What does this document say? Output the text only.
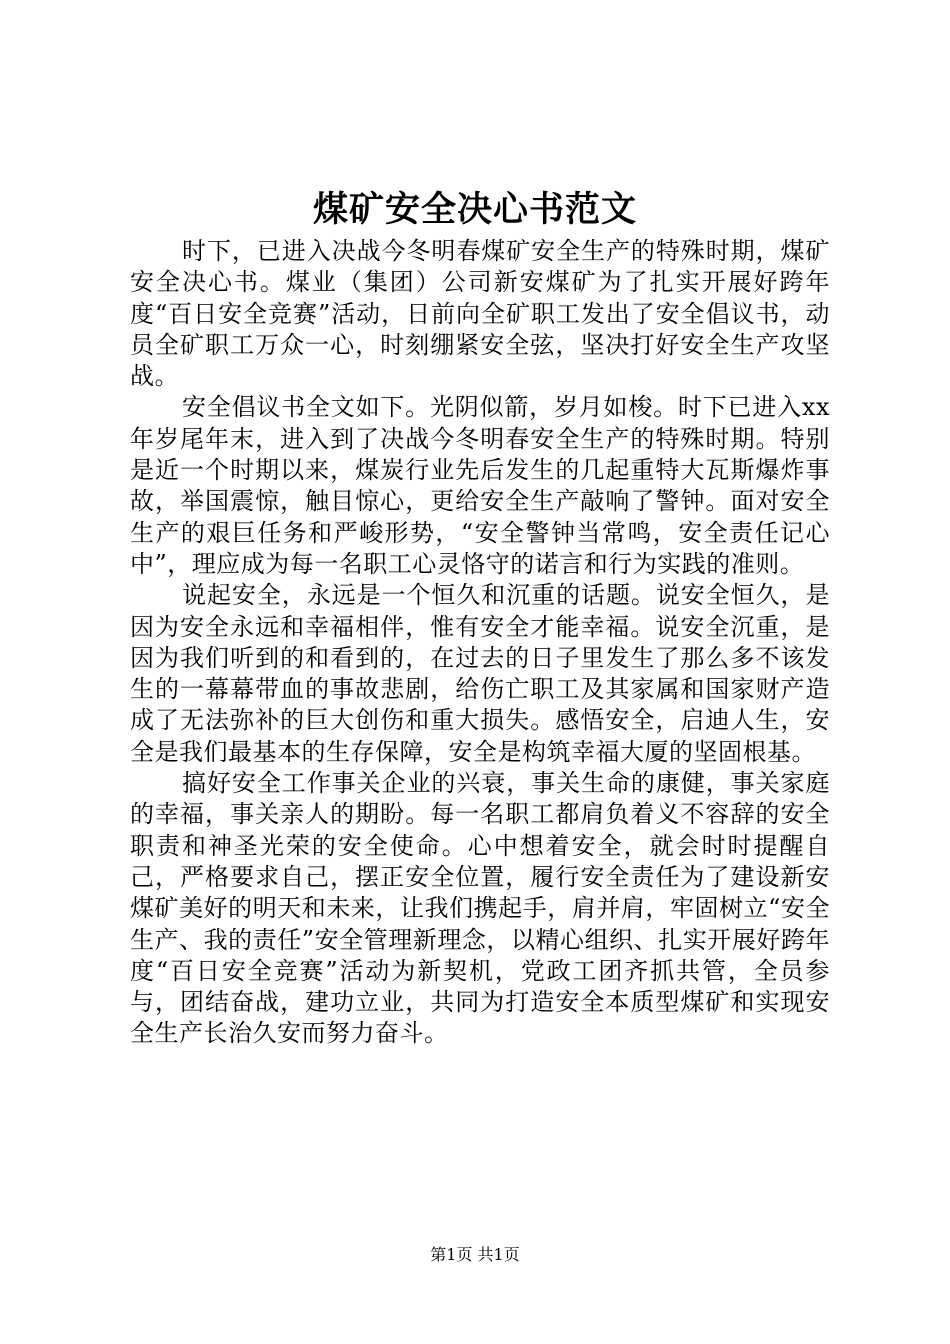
煤矿安全决心书范文

时下，已进入决战今冬明春煤矿安全生产的特殊时期，煤矿安全决心书。煤业（集团）公司新安煤矿为了扎实开展好跨年度“百日安全竞赛”活动，日前向全矿职工发出了安全倡议书，动员全矿职工万众一心，时刻绷紧安全弦，坚决打好安全生产攻坚战。

安全倡议书全文如下。光阴似箭，岁月如梭。时下已进入xx年岁尾年末，进入到了决战今冬明春安全生产的特殊时期。特别是近一个时期以来，煤炭行业先后发生的几起重特大瓦斯爆炸事故，举国震惊，触目惊心，更给安全生产敲响了警钟。面对安全生产的艰巨任务和严峻形势，“安全警钟当常鸣，安全责任记心中”，理应成为每一名职工心灵恪守的诺言和行为实践的准则。

说起安全，永远是一个恒久和沉重的话题。说安全恒久，是因为安全永远和幸福相伴，惟有安全才能幸福。说安全沉重，是因为我们听到的和看到的，在过去的日子里发生了那么多不该发生的一幕幕带血的事故悲剧，给伤亡职工及其家属和国家财产造成了无法弥补的巨大创伤和重大损失。感悟安全，启迪人生，安全是我们最基本的生存保障，安全是构筑幸福大厦的坚固根基。

搞好安全工作事关企业的兴衰，事关生命的康健，事关家庭的幸福，事关亲人的期盼。每一名职工都肩负着义不容辞的安全职责和神圣光荣的安全使命。心中想着安全，就会时时提醒自己，严格要求自己，摆正安全位置，履行安全责任为了建设新安煤矿美好的明天和未来，让我们携起手，肩并肩，牢固树立“安全生产、我的责任”安全管理新理念，以精心组织、扎实开展好跨年度“百日安全竞赛”活动为新契机，党政工团齐抓共管，全员参与，团结奋战，建功立业，共同为打造安全本质型煤矿和实现安全生产长治久安而努力奋斗。

第1页 共1页
